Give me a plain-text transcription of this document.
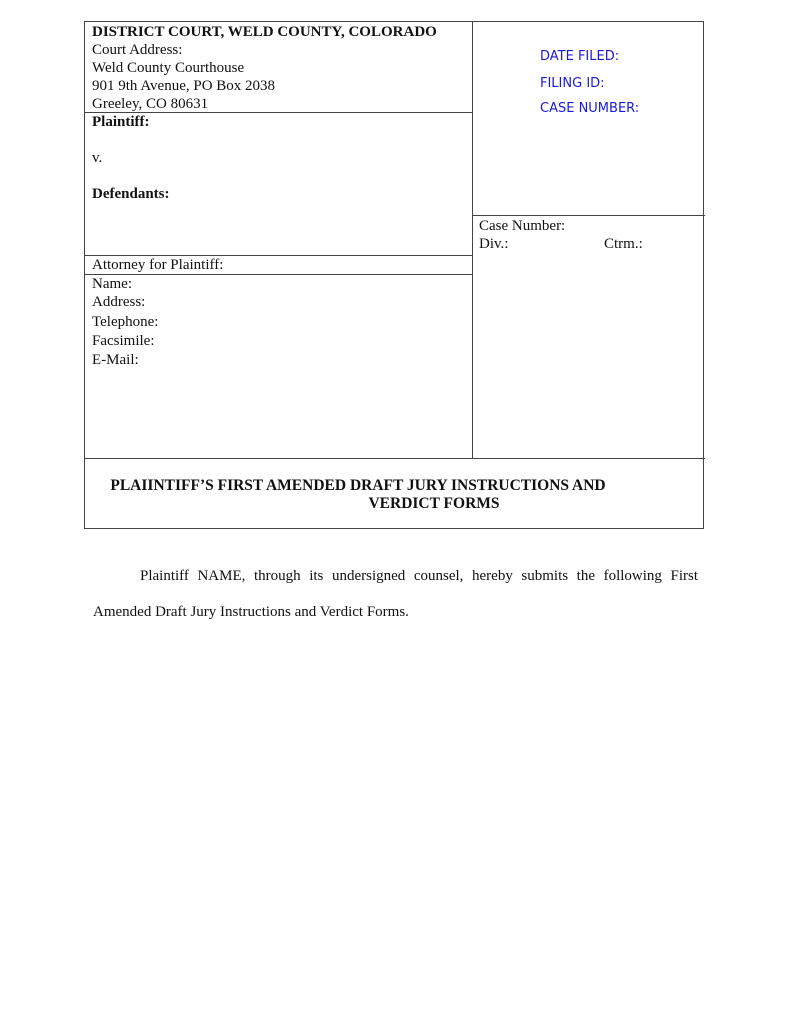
DISTRICT COURT, WELD COUNTY, COLORADO
Court Address:
Weld County Courthouse
901 9th Avenue, PO Box 2038
Greeley, CO 80631
Plaintiff:
v.
Defendants:
Attorney for Plaintiff:
Name:
Address:
Telephone:
Facsimile:
E-Mail:
DATE FILED:
FILING ID:
CASE NUMBER:
Case Number:
Div.:	Ctrm.:
PLAIINTIFF’S FIRST AMENDED DRAFT JURY INSTRUCTIONS AND
VERDICT FORMS
Plaintiff NAME, through its undersigned counsel, hereby submits the following First
Amended Draft Jury Instructions and Verdict Forms.
